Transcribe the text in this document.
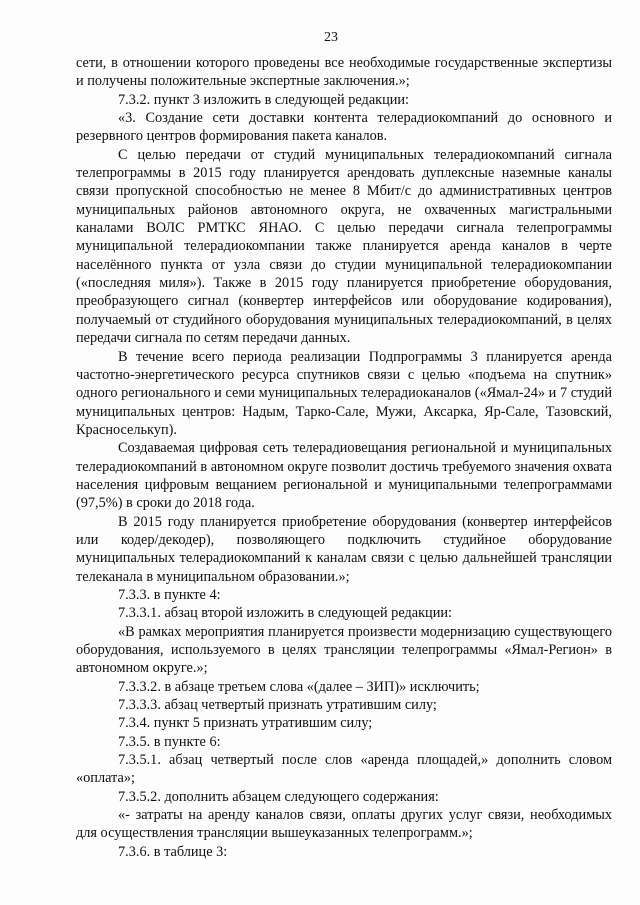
23

сети, в отношении которого проведены все необходимые государственные экспертизы и получены положительные экспертные заключения.»;

7.3.2. пункт 3 изложить в следующей редакции:

«3. Создание сети доставки контента телерадиокомпаний до основного и резервного центров формирования пакета каналов.

С целью передачи от студий муниципальных телерадиокомпаний сигнала телепрограммы в 2015 году планируется арендовать дуплексные наземные каналы связи пропускной способностью не менее 8 Мбит/с до административных центров муниципальных районов автономного округа, не охваченных магистральными каналами ВОЛС РМТКС ЯНАО. С целью передачи сигнала телепрограммы муниципальной телерадиокомпании также планируется аренда каналов в черте населённого пункта от узла связи до студии муниципальной телерадиокомпании («последняя миля»). Также в 2015 году планируется приобретение оборудования, преобразующего сигнал (конвертер интерфейсов или оборудование кодирования), получаемый от студийного оборудования муниципальных телерадиокомпаний, в целях передачи сигнала по сетям передачи данных.

В течение всего периода реализации Подпрограммы 3 планируется аренда частотно-энергетического ресурса спутников связи с целью «подъема на спутник» одного регионального и семи муниципальных телерадиоканалов («Ямал-24» и 7 студий муниципальных центров: Надым, Тарко-Сале, Мужи, Аксарка, Яр-Сале, Тазовский, Красноселькуп).

Создаваемая цифровая сеть телерадиовещания региональной и муниципальных телерадиокомпаний в автономном округе позволит достичь требуемого значения охвата населения цифровым вещанием региональной и муниципальными телепрограммами (97,5%) в сроки до 2018 года.

В 2015 году планируется приобретение оборудования (конвертер интерфейсов или кодер/декодер), позволяющего подключить студийное оборудование муниципальных телерадиокомпаний к каналам связи с целью дальнейшей трансляции телеканала в муниципальном образовании.»;

7.3.3. в пункте 4:

7.3.3.1. абзац второй изложить в следующей редакции:

«В рамках мероприятия планируется произвести модернизацию существующего оборудования, используемого в целях трансляции телепрограммы «Ямал-Регион» в автономном округе.»;

7.3.3.2. в абзаце третьем слова «(далее – ЗИП)» исключить;

7.3.3.3. абзац четвертый признать утратившим силу;

7.3.4. пункт 5 признать утратившим силу;

7.3.5. в пункте 6:

7.3.5.1. абзац четвертый после слов «аренда площадей,» дополнить словом «оплата»;

7.3.5.2. дополнить абзацем следующего содержания:

«- затраты на аренду каналов связи, оплаты других услуг связи, необходимых для осуществления трансляции вышеуказанных телепрограмм.»;

7.3.6. в таблице 3:
